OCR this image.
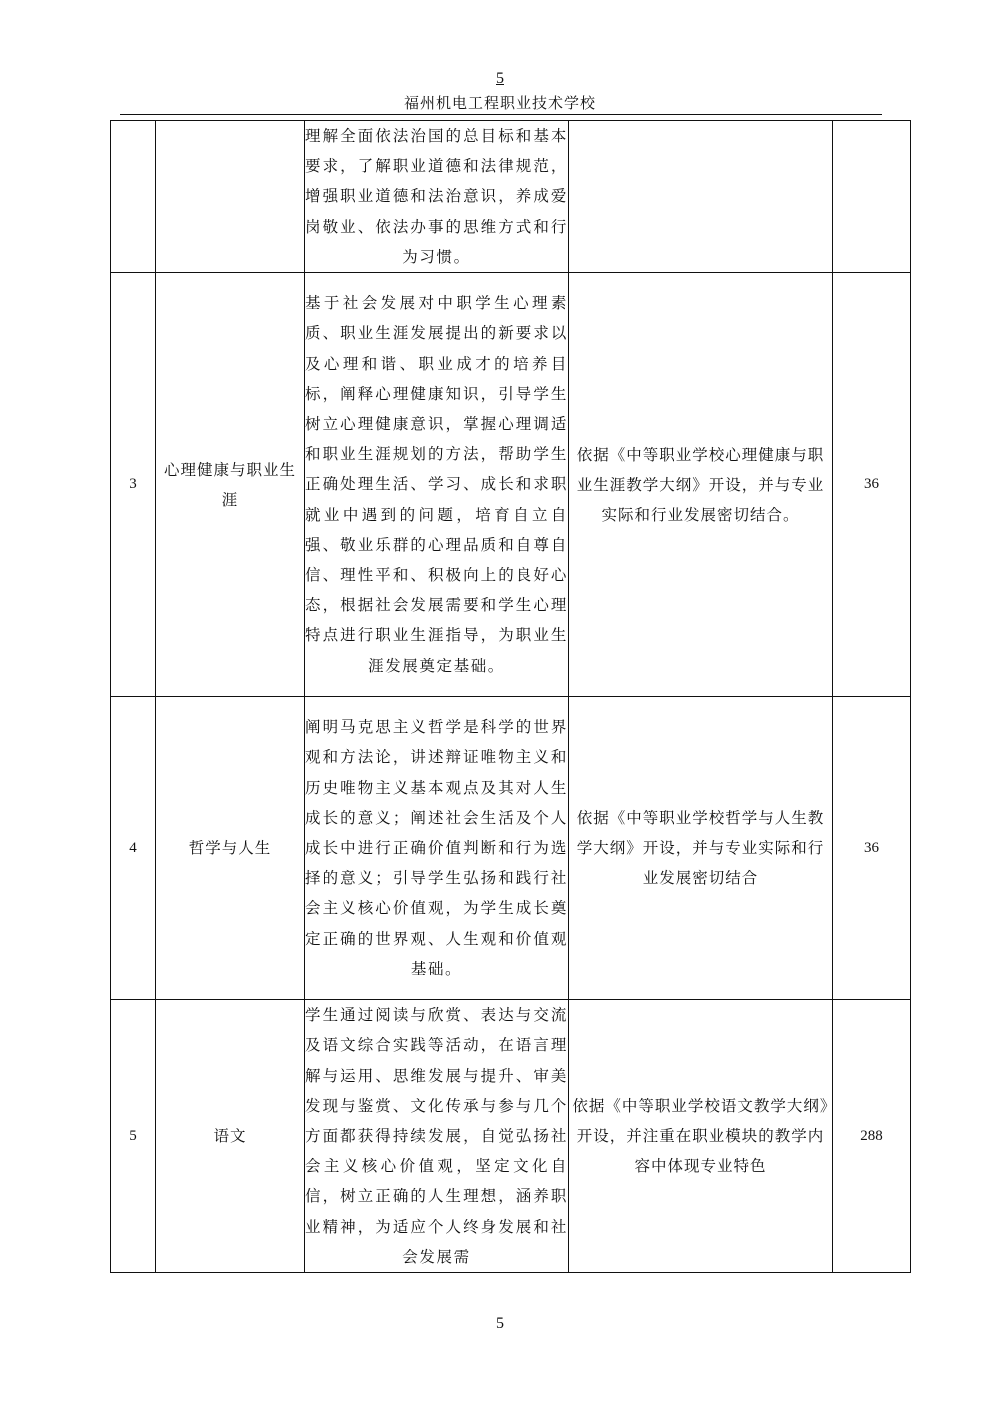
5
福州机电工程职业技术学校
		理解全面依法治国的总目标和基本要求，了解职业道德和法律规范，增强职业道德和法治意识，养成爱岗敬业、依法办事的思维方式和行为习惯。		
3	心理健康与职业生涯	基于社会发展对中职学生心理素质、职业生涯发展提出的新要求以及心理和谐、职业成才的培养目标，阐释心理健康知识，引导学生树立心理健康意识，掌握心理调适和职业生涯规划的方法，帮助学生正确处理生活、学习、成长和求职就业中遇到的问题，培育自立自强、敬业乐群的心理品质和自尊自信、理性平和、积极向上的良好心态，根据社会发展需要和学生心理特点进行职业生涯指导，为职业生涯发展奠定基础。	依据《中等职业学校心理健康与职业生涯教学大纲》开设，并与专业实际和行业发展密切结合。	36
4	哲学与人生	阐明马克思主义哲学是科学的世界观和方法论，讲述辩证唯物主义和历史唯物主义基本观点及其对人生成长的意义；阐述社会生活及个人成长中进行正确价值判断和行为选择的意义；引导学生弘扬和践行社会主义核心价值观，为学生成长奠定正确的世界观、人生观和价值观基础。	依据《中等职业学校哲学与人生教学大纲》开设，并与专业实际和行业发展密切结合	36
5	语文	学生通过阅读与欣赏、表达与交流及语文综合实践等活动，在语言理解与运用、思维发展与提升、审美发现与鉴赏、文化传承与参与几个方面都获得持续发展，自觉弘扬社会主义核心价值观，坚定文化自信，树立正确的人生理想，涵养职业精神，为适应个人终身发展和社会发展需	依据《中等职业学校语文教学大纲》开设，并注重在职业模块的教学内容中体现专业特色	288
5
